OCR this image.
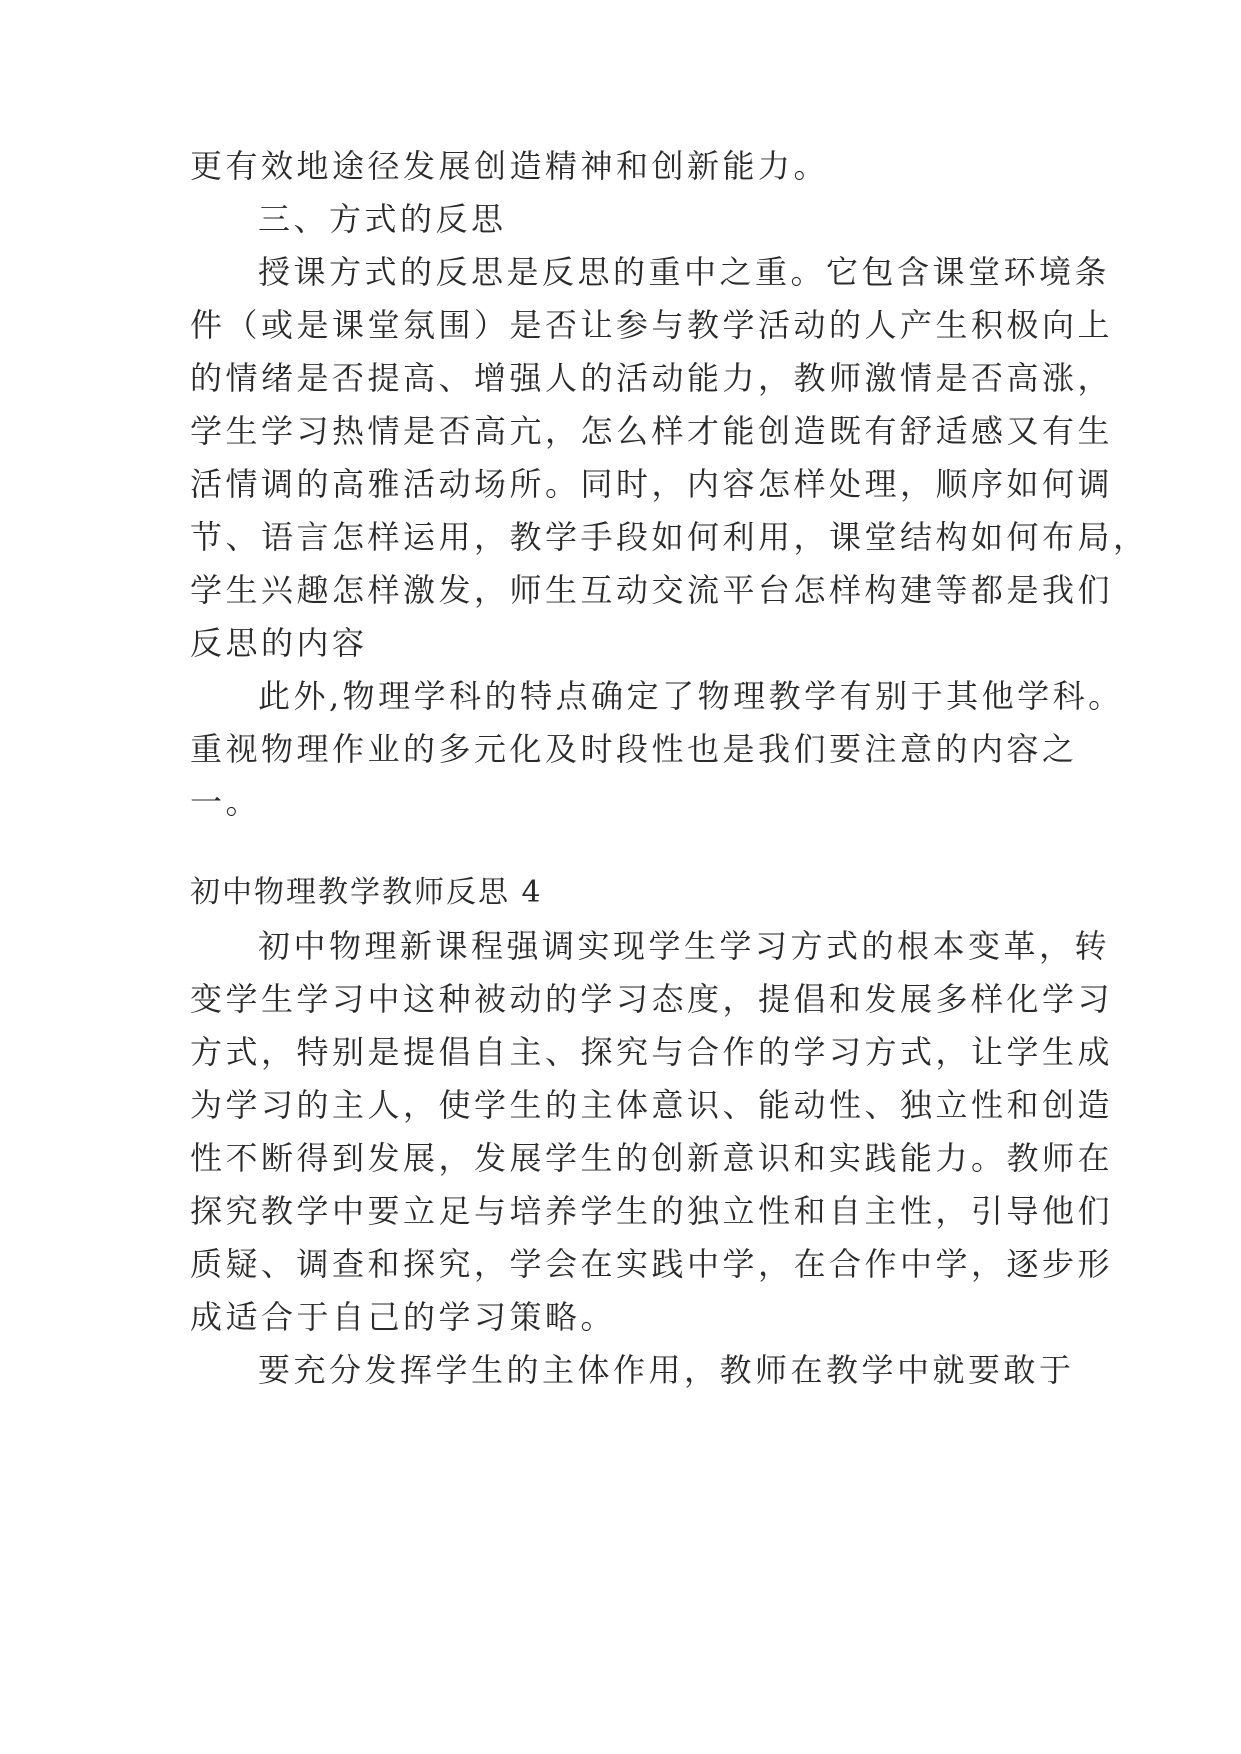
更有效地途径发展创造精神和创新能力。
三、方式的反思
授课方式的反思是反思的重中之重。它包含课堂环境条
件（或是课堂氛围）是否让参与教学活动的人产生积极向上
的情绪是否提高、增强人的活动能力，教师激情是否高涨，
学生学习热情是否高亢，怎么样才能创造既有舒适感又有生
活情调的高雅活动场所。同时，内容怎样处理，顺序如何调
节、语言怎样运用，教学手段如何利用，课堂结构如何布局，
学生兴趣怎样激发，师生互动交流平台怎样构建等都是我们
反思的内容
此外,物理学科的特点确定了物理教学有别于其他学科。
重视物理作业的多元化及时段性也是我们要注意的内容之
一。
初中物理教学教师反思 4
初中物理新课程强调实现学生学习方式的根本变革，转
变学生学习中这种被动的学习态度，提倡和发展多样化学习
方式，特别是提倡自主、探究与合作的学习方式，让学生成
为学习的主人，使学生的主体意识、能动性、独立性和创造
性不断得到发展，发展学生的创新意识和实践能力。教师在
探究教学中要立足与培养学生的独立性和自主性，引导他们
质疑、调查和探究，学会在实践中学，在合作中学，逐步形
成适合于自己的学习策略。
要充分发挥学生的主体作用，教师在教学中就要敢于
